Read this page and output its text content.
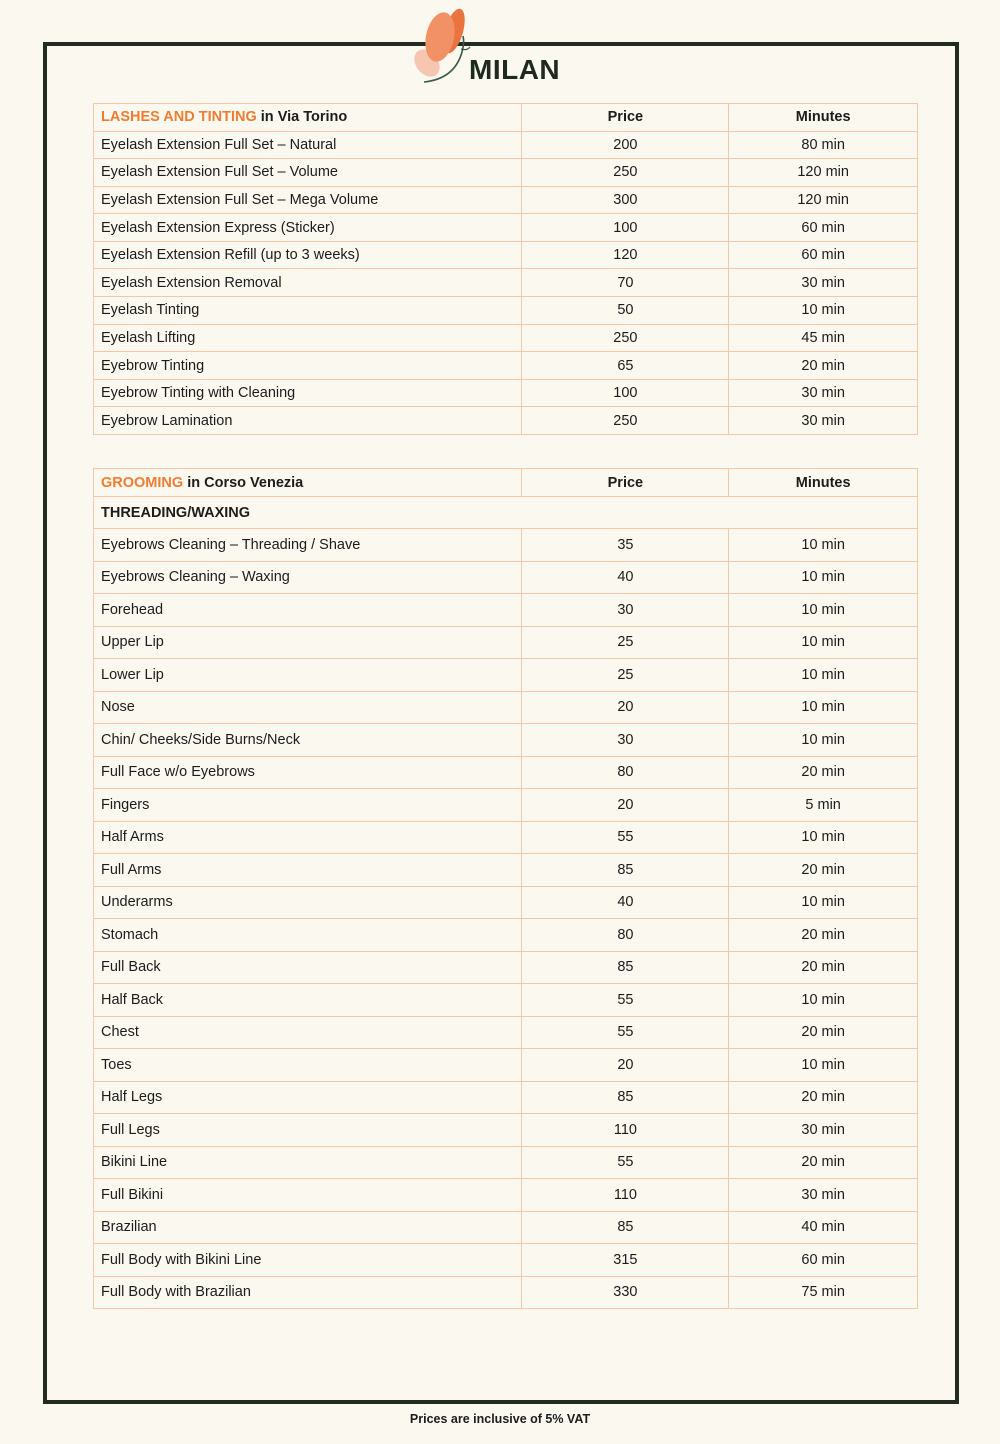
MILAN
LASHES AND TINTING in Via Torino	Price	Minutes
Eyelash Extension Full Set – Natural	200	80 min
Eyelash Extension Full Set – Volume	250	120 min
Eyelash Extension Full Set – Mega Volume	300	120 min
Eyelash Extension Express (Sticker)	100	60 min
Eyelash Extension Refill (up to 3 weeks)	120	60 min
Eyelash Extension Removal	70	30 min
Eyelash Tinting	50	10 min
Eyelash Lifting	250	45 min
Eyebrow Tinting	65	20 min
Eyebrow Tinting with Cleaning	100	30 min
Eyebrow Lamination	250	30 min
GROOMING in Corso Venezia	Price	Minutes
THREADING/WAXING		
Eyebrows Cleaning – Threading / Shave	35	10 min
Eyebrows Cleaning – Waxing	40	10 min
Forehead	30	10 min
Upper Lip	25	10 min
Lower Lip	25	10 min
Nose	20	10 min
Chin/ Cheeks/Side Burns/Neck	30	10 min
Full Face w/o Eyebrows	80	20 min
Fingers	20	5 min
Half Arms	55	10 min
Full Arms	85	20 min
Underarms	40	10 min
Stomach	80	20 min
Full Back	85	20 min
Half Back	55	10 min
Chest	55	20 min
Toes	20	10 min
Half Legs	85	20 min
Full Legs	110	30 min
Bikini Line	55	20 min
Full Bikini	110	30 min
Brazilian	85	40 min
Full Body with Bikini Line	315	60 min
Full Body with Brazilian	330	75 min
Prices are inclusive of 5% VAT
